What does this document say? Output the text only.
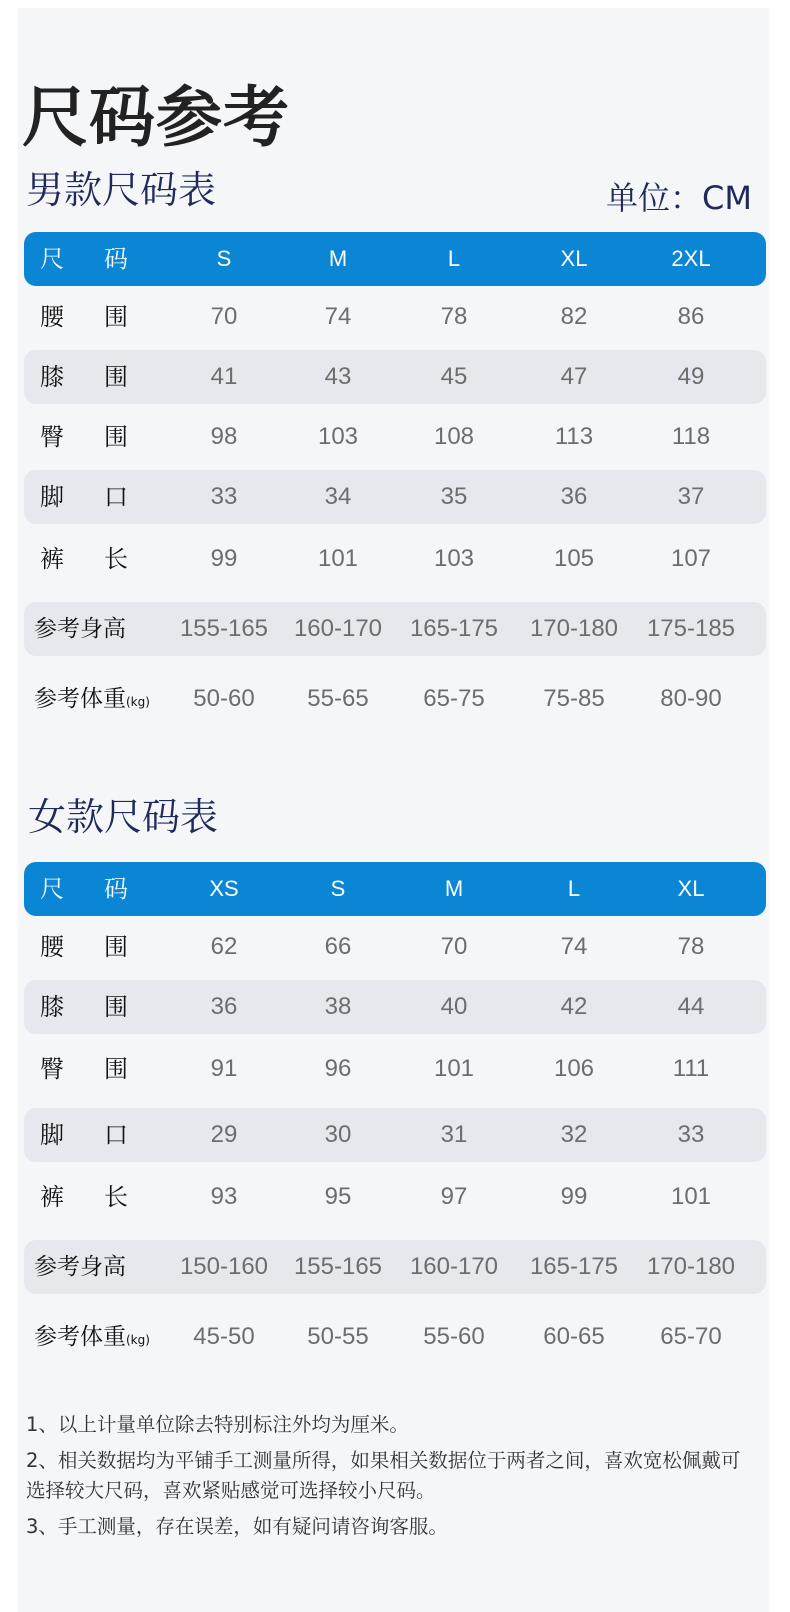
尺码参考
男款尺码表	单位：CM
尺 码	S	M	L	XL	2XL
腰 围	70	74	78	82	86
膝 围	41	43	45	47	49
臀 围	98	103	108	113	118
脚 口	33	34	35	36	37
裤 长	99	101	103	105	107
参考身高 155-165 160-170 165-175 170-180 175-185
参考体重(kg)	50-60	55-65	65-75	75-85	80-90
女款尺码表
尺 码	XS	S	M	L	XL
腰 围	62	66	70	74	78
膝 围	36	38	40	42	44
臀 围	91	96	101	106	111
脚 口	29	30	31	32	33
裤 长	93	95	97	99	101
参考身高 150-160 155-165 160-170 165-175 170-180
参考体重(kg)	45-50	50-55	55-60	60-65	65-70

1、以上计量单位除去特别标注外均为厘米。

2、相关数据均为平铺手工测量所得，如果相关数据位于两者之间，喜欢宽松佩戴可选择较大尺码，喜欢紧贴感觉可选择较小尺码。

3、手工测量，存在误差，如有疑问请咨询客服。
